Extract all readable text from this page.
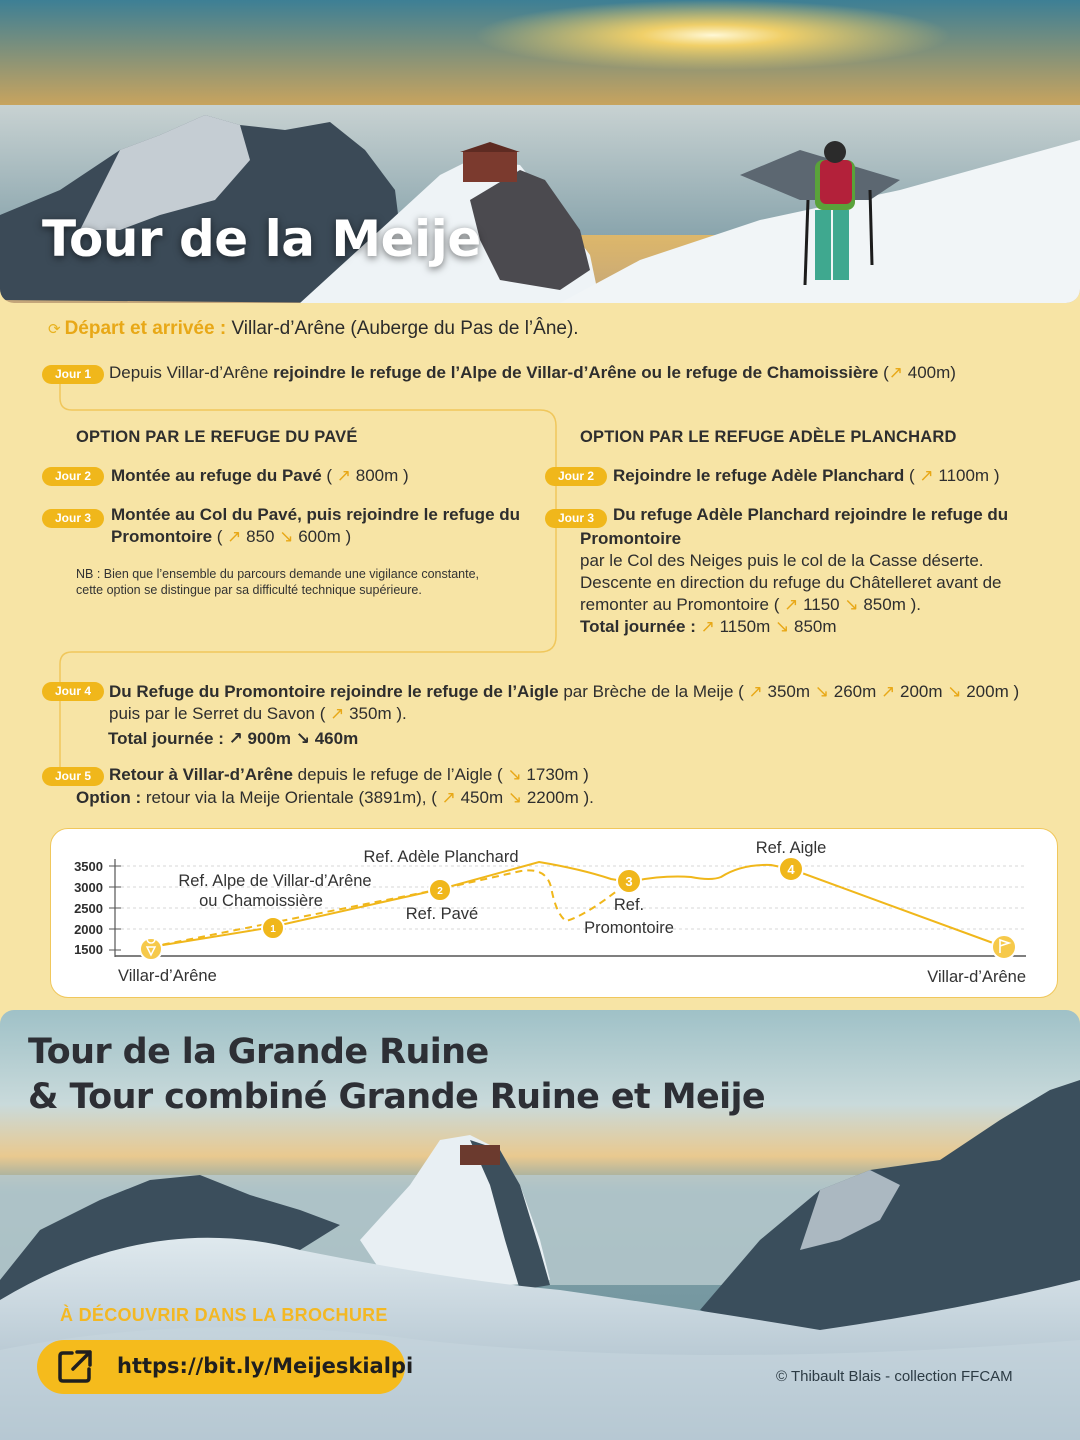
Tour de la Meije
⟳ Départ et arrivée : Villar-d’Arêne (Auberge du Pas de l’Âne).
Jour 1	Depuis Villar-d’Arêne rejoindre le refuge de l’Alpe de Villar-d’Arêne ou le refuge de Chamoissière (↗ 400m)
OPTION PAR LE REFUGE DU PAVÉ
Jour 2	Montée au refuge du Pavé ( ↗ 800m )
Jour 3	Montée au Col du Pavé, puis rejoindre le refuge du
Promontoire ( ↗ 850 ↘ 600m )
NB : Bien que l’ensemble du parcours demande une vigilance constante,
cette option se distingue par sa difficulté technique supérieure.
OPTION PAR LE REFUGE ADÈLE PLANCHARD
Jour 2	Rejoindre le refuge Adèle Planchard ( ↗ 1100m )
Jour 3	Du refuge Adèle Planchard rejoindre le refuge du
Promontoire
par le Col des Neiges puis le col de la Casse déserte.
Descente en direction du refuge du Châtelleret avant de
remonter au Promontoire ( ↗ 1150 ↘ 850m ).
Total journée : ↗ 1150m ↘ 850m
Jour 4	Du Refuge du Promontoire rejoindre le refuge de l’Aigle par Brèche de la Meije ( ↗ 350m ↘ 260m ↗ 200m ↘ 200m )
puis par le Serret du Savon ( ↗ 350m ).
Total journée : ↗ 900m ↘ 460m
Jour 5	Retour à Villar-d’Arêne depuis le refuge de l’Aigle ( ↘ 1730m )
Option : retour via la Meije Orientale (3891m), ( ↗ 450m ↘ 2200m ).
3500
3000
2500
2000
1500
1
2
3
4
Villar-d’Arêne	Villar-d’Arêne
Ref. Alpe de Villar-d’Arêne
ou Chamoissière
Ref. Pavé
Ref. Adèle Planchard
Ref.
Promontoire
Ref. Aigle
Tour de la Grande Ruine
& Tour combiné Grande Ruine et Meije
À DÉCOUVRIR DANS LA BROCHURE
https://bit.ly/Meijeskialpi	© Thibault Blais - collection FFCAM
